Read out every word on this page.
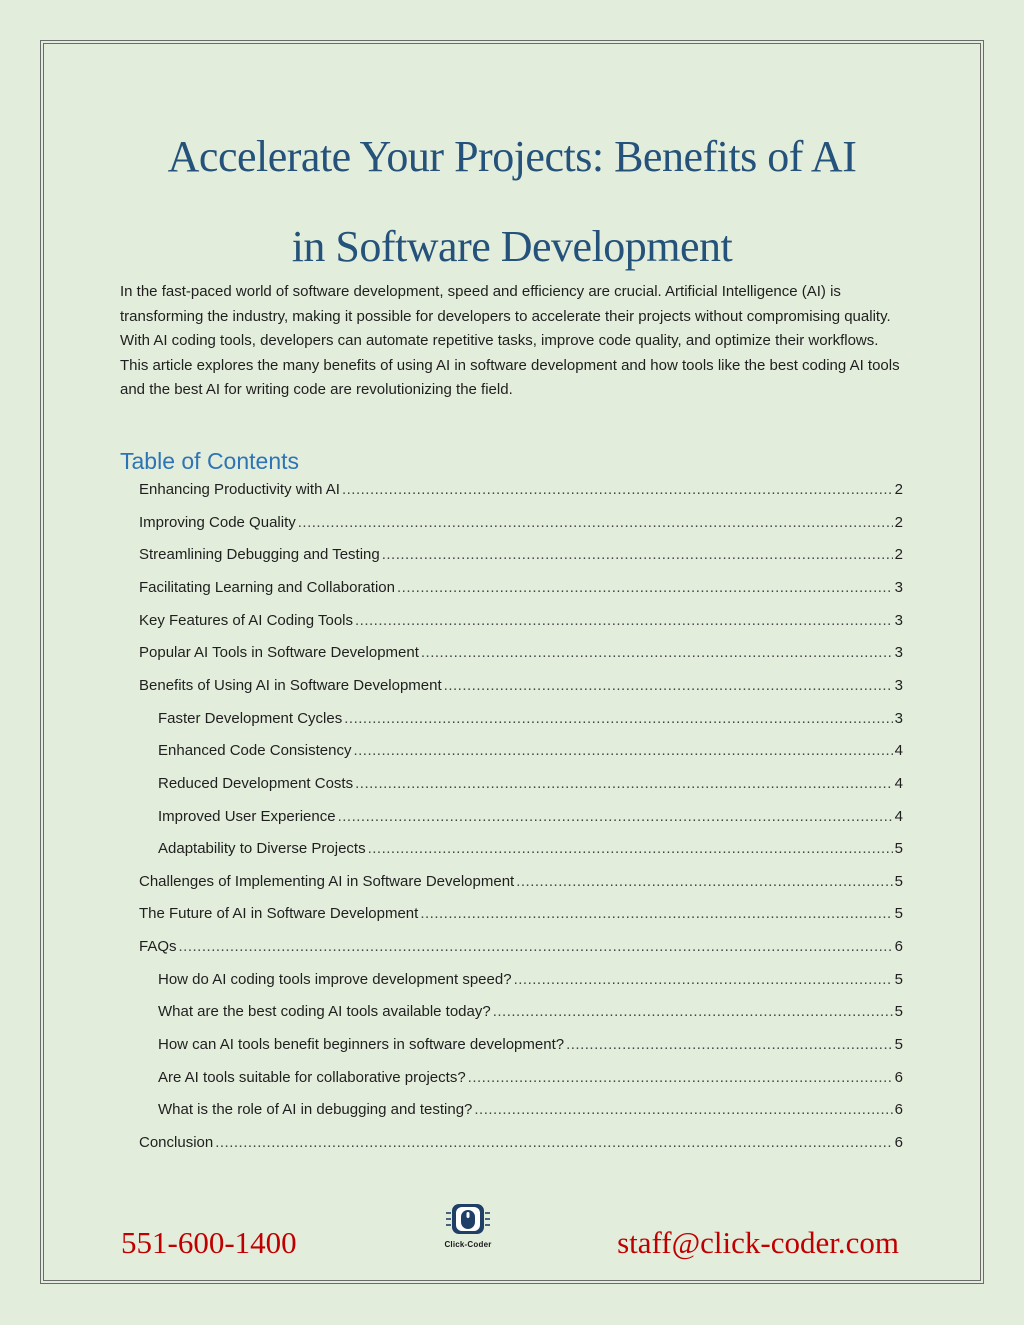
Accelerate Your Projects: Benefits of AI
in Software Development

In the fast-paced world of software development, speed and efficiency are crucial. Artificial Intelligence (AI) is transforming the industry, making it possible for developers to accelerate their projects without compromising quality. With AI coding tools, developers can automate repetitive tasks, improve code quality, and optimize their workflows. This article explores the many benefits of using AI in software development and how tools like the best coding AI tools and the best AI for writing code are revolutionizing the field.

Table of Contents
Enhancing Productivity with AI .....	2
Improving Code Quality .....	2
Streamlining Debugging and Testing .....	2
Facilitating Learning and Collaboration .....	3
Key Features of AI Coding Tools .....	3
Popular AI Tools in Software Development .....	3
Benefits of Using AI in Software Development .....	3
Faster Development Cycles .....	3
Enhanced Code Consistency .....	4
Reduced Development Costs .....	4
Improved User Experience .....	4
Adaptability to Diverse Projects .....	5
Challenges of Implementing AI in Software Development .....	5
The Future of AI in Software Development .....	5
FAQs .....	6
How do AI coding tools improve development speed? .....	5
What are the best coding AI tools available today? .....	5
How can AI tools benefit beginners in software development? .....	5
Are AI tools suitable for collaborative projects? .....	6
What is the role of AI in debugging and testing? .....	6
Conclusion .....	6

551-600-1400	Click-Coder	staff@click-coder.com
